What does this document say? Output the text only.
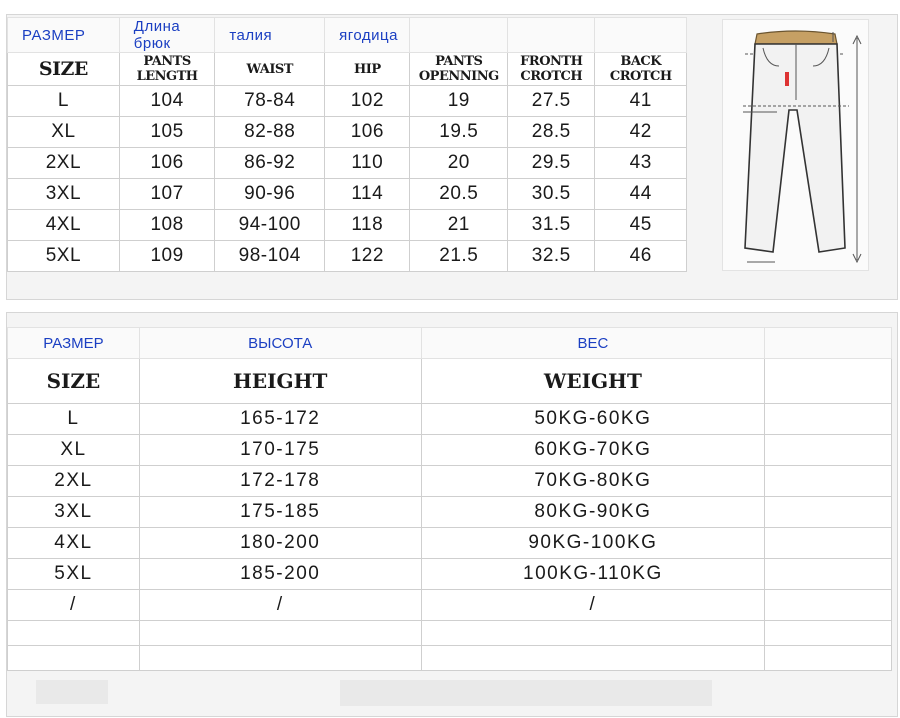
РАЗМЕР	Длина брюк	талия	ягодица			
SIZE	PANTS LENGTH	WAIST	HIP	PANTS OPENNING	FRONTH CROTCH	BACK CROTCH
L	104	78-84	102	19	27.5	41
XL	105	82-88	106	19.5	28.5	42
2XL	106	86-92	110	20	29.5	43
3XL	107	90-96	114	20.5	30.5	44
4XL	108	94-100	118	21	31.5	45
5XL	109	98-104	122	21.5	32.5	46
РАЗМЕР	ВЫСОТА	ВЕС	
SIZE	HEIGHT	WEIGHT	
L	165-172	50KG-60KG	
XL	170-175	60KG-70KG	
2XL	172-178	70KG-80KG	
3XL	175-185	80KG-90KG	
4XL	180-200	90KG-100KG	
5XL	185-200	100KG-110KG	
/	/	/	
